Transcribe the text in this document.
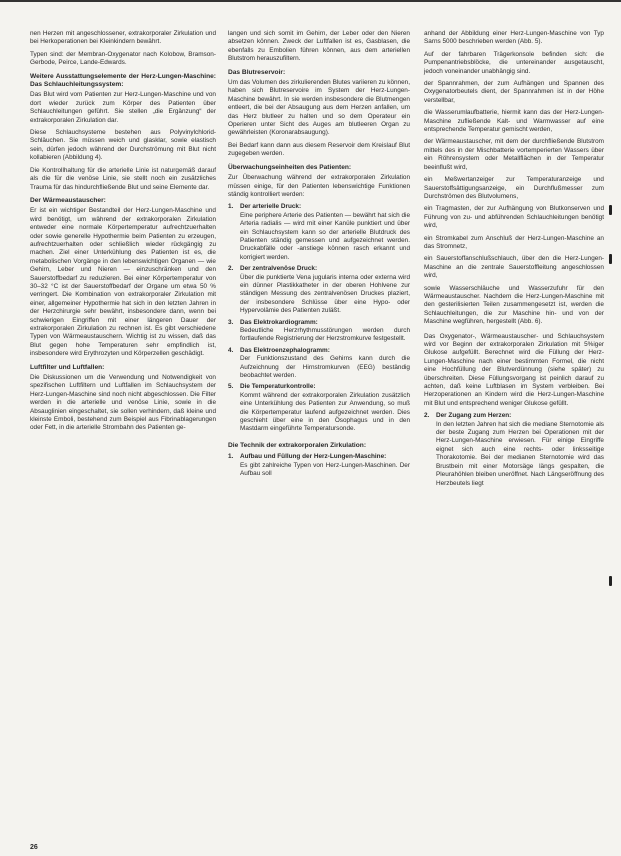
nen Herzen mit angeschlossener, extrakorporaler Zirkulation und bei Herkoperationen bei Kleinkindern bewährt.

Typen sind: der Membran-Oxygenator nach Kolobow, Bramson-Gerbode, Peirce, Lande-Edwards.

Weitere Ausstattungselemente der Herz-Lungen-Maschine: Das Schlauchleitungssystem:

Das Blut wird vom Patienten zur Herz-Lungen-Maschine und von dort wieder zurück zum Körper des Patienten über Schlauchleitungen geführt. Sie stellen „die Ergänzung“ der extrakorporalen Zirkulation dar.

Diese Schlauchsysteme bestehen aus Polyvinylchlorid-Schläuchen. Sie müssen weich und glasklar, sowie elastisch sein, dürfen jedoch während der Durchströmung mit Blut nicht kollabieren (Abbildung 4).

Die Kontrollhaltung für die arterielle Linie ist naturgemäß darauf als die für die venöse Linie, sie stellt noch ein zusätzliches Trauma für das hindurchfließende Blut und seine Elemente dar.

Der Wärmeaustauscher:

Er ist ein wichtiger Bestandteil der Herz-Lungen-Maschine und wird benötigt, um während der extrakorporalen Zirkulation entweder eine normale Körpertemperatur aufrechtzuerhalten oder sowie generelle Hypothermie beim Patienten zu erzeugen, aufrechtzuerhalten oder schließlich wieder rückgängig zu machen. Ziel einer Unterkühlung des Patienten ist es, die metabolischen Vorgänge in den lebenswichtigen Organen — wie Gehirn, Leber und Nieren — einzuschränken und den Sauerstoffbedarf zu reduzieren. Bei einer Körpertemperatur von 30–32 °C ist der Sauerstoffbedarf der Organe um etwa 50 % verringert. Die Kombination von extrakorporaler Zirkulation mit einer, allgemeiner Hypothermie hat sich in den letzten Jahren in der Herzchirurgie sehr bewährt, insbesondere dann, wenn bei schwierigen Eingriffen mit einer längeren Dauer der extrakorporalen Zirkulation zu rechnen ist. Es gibt verschiedene Typen von Wärmeaustauschern. Wichtig ist zu wissen, daß das Blut gegen hohe Temperaturen sehr empfindlich ist, insbesondere wird Erythrozyten und Körperzellen geschädigt.

Luftfilter und Luftfallen:

Die Diskussionen um die Verwendung und Notwendigkeit von spezifischen Luftfiltern und Luftfallen im Schlauchsystem der Herz-Lungen-Maschine sind noch nicht abgeschlossen. Die Filter werden in die arterielle und venöse Linie, sowie in die Absauglinien eingeschaltet, sie sollen verhindern, daß kleine und kleinste Emboli, bestehend zum Beispiel aus Fibrinablagerungen oder Fett, in die arterielle Strombahn des Patienten ge-

langen und sich somit im Gehirn, der Leber oder den Nieren absetzen können. Zweck der Luftfallen ist es, Gasblasen, die ebenfalls zu Embolien führen können, aus dem arteriellen Blutstrom herauszufiltern.

Das Blutreservoir:

Um das Volumen des zirkulierenden Blutes variieren zu können, haben sich Blutreservoire im System der Herz-Lungen-Maschine bewährt. In sie werden insbesondere die Blutmengen entleert, die bei der Absaugung aus dem Herzen anfallen, um das Herz blutleer zu halten und so dem Operateur ein Operieren unter Sicht des Auges am blutleeren Organ zu gewährleisten (Koronarabsaugung).

Bei Bedarf kann dann aus diesem Reservoir dem Kreislauf Blut zugegeben werden.

Überwachungseinheiten des Patienten:

Zur Überwachung während der extrakorporalen Zirkulation müssen einige, für den Patienten lebenswichtige Funktionen ständig kontrolliert werden:

1. Der arterielle Druck:
Eine periphere Arterie des Patienten — bewährt hat sich die Arteria radialis — wird mit einer Kanüle punktiert und über ein Schlauchsystem kann so der arterielle Blutdruck des Patienten ständig gemessen und aufgezeichnet werden. Druckabfälle oder -anstiege können rasch erkannt und korrigiert werden.
2. Der zentralvenöse Druck:
Über die punktierte Vena jugularis interna oder externa wird ein dünner Plastikkatheter in der oberen Hohlvene zur ständigen Messung des zentralvenösen Druckes plaziert, der insbesondere Schlüsse über eine Hypo- oder Hypervolämie des Patienten zuläßt.
3. Das Elektrokardiogramm:
Bedeutliche Herzrhythmusstörungen werden durch fortlaufende Registrierung der Herzstromkurve festgestellt.
4. Das Elektroenzephalogramm:
Der Funktionszustand des Gehirns kann durch die Aufzeichnung der Hirnstromkurven (EEG) beständig beobachtet werden.
5. Die Temperaturkontrolle:
Kommt während der extrakorporalen Zirkulation zusätzlich eine Unterkühlung des Patienten zur Anwendung, so muß die Körpertemperatur laufend aufgezeichnet werden. Dies geschieht über eine in den Ösophagus und in den Mastdarm eingeführte Temperatursonde.
Die Technik der extrakorporalen Zirkulation:
1. Aufbau und Füllung der Herz-Lungen-Maschine:
Es gibt zahlreiche Typen von Herz-Lungen-Maschinen. Der Aufbau soll

anhand der Abbildung einer Herz-Lungen-Maschine von Typ Sarns 5000 beschrieben werden (Abb. 5).

Auf der fahrbaren Trägerkonsole befinden sich: die Pumpenantriebsblöcke, die untereinander ausgetauscht, jedoch voneinander unabhängig sind.

der Spannrahmen, der zum Aufhängen und Spannen des Oxygenatorbeutels dient, der Spannrahmen ist in der Höhe verstellbar,

die Wasserumlaufbatterie, hiermit kann das der Herz-Lungen-Maschine zufließende Kalt- und Warmwasser auf eine entsprechende Temperatur gemischt werden,

der Wärmeaustauscher, mit dem der durchfließende Blutstrom mittels des in der Mischbatterie vortemperierten Wassers über ein Röhrensystem oder Metallflächen in der Temperatur beeinflußt wird,

ein Meßwertanzeiger zur Temperaturanzeige und Sauerstoffsättigungsanzeige, ein Durchflußmesser zum Durchströmen des Blutvolumens,

ein Tragmasten, der zur Aufhängung von Blutkonserven und Führung von zu- und abführenden Schlauchleitungen benötigt wird,

ein Stromkabel zum Anschluß der Herz-Lungen-Maschine an das Stromnetz,

ein Sauerstoffanschlußschlauch, über den die Herz-Lungen-Maschine an die zentrale Sauerstoffleitung angeschlossen wird,

sowie Wasserschläuche und Wasserzufuhr für den Wärmeaustauscher. Nachdem die Herz-Lungen-Maschine mit den gesterilisierten Teilen zusammengesetzt ist, werden die Schlauchleitungen, die zur Maschine hin- und von der Maschine wegführen, hergestellt (Abb. 6).

Das Oxygenator-, Wärmeaustauscher- und Schlauchsystem wird vor Beginn der extrakorporalen Zirkulation mit 5%iger Glukose aufgefüllt. Berechnet wird die Füllung der Herz-Lungen-Maschine nach einer bestimmten Formel, die nicht eine Hochfüllung der Blutverdünnung (siehe später) zu überschreiten. Diese Füllungsvorgang ist peinlich darauf zu achten, daß keine Luftblasen im System verbleiben. Bei Herzoperationen an Kindern wird die Herz-Lungen-Maschine mit Blut und entsprechend weniger Glukose gefüllt.

2. Der Zugang zum Herzen:
In den letzten Jahren hat sich die mediane Sternotomie als der beste Zugang zum Herzen bei Operationen mit der Herz-Lungen-Maschine erwiesen. Für einige Eingriffe eignet sich auch eine rechts- oder linksseitige Thorakotomie. Bei der medianen Sternotomie wird das Brustbein mit einer Motorsäge längs gespalten, die Pleurahöhlen bleiben uneröffnet. Nach Längseröffnung des Herzbeutels liegt
26
